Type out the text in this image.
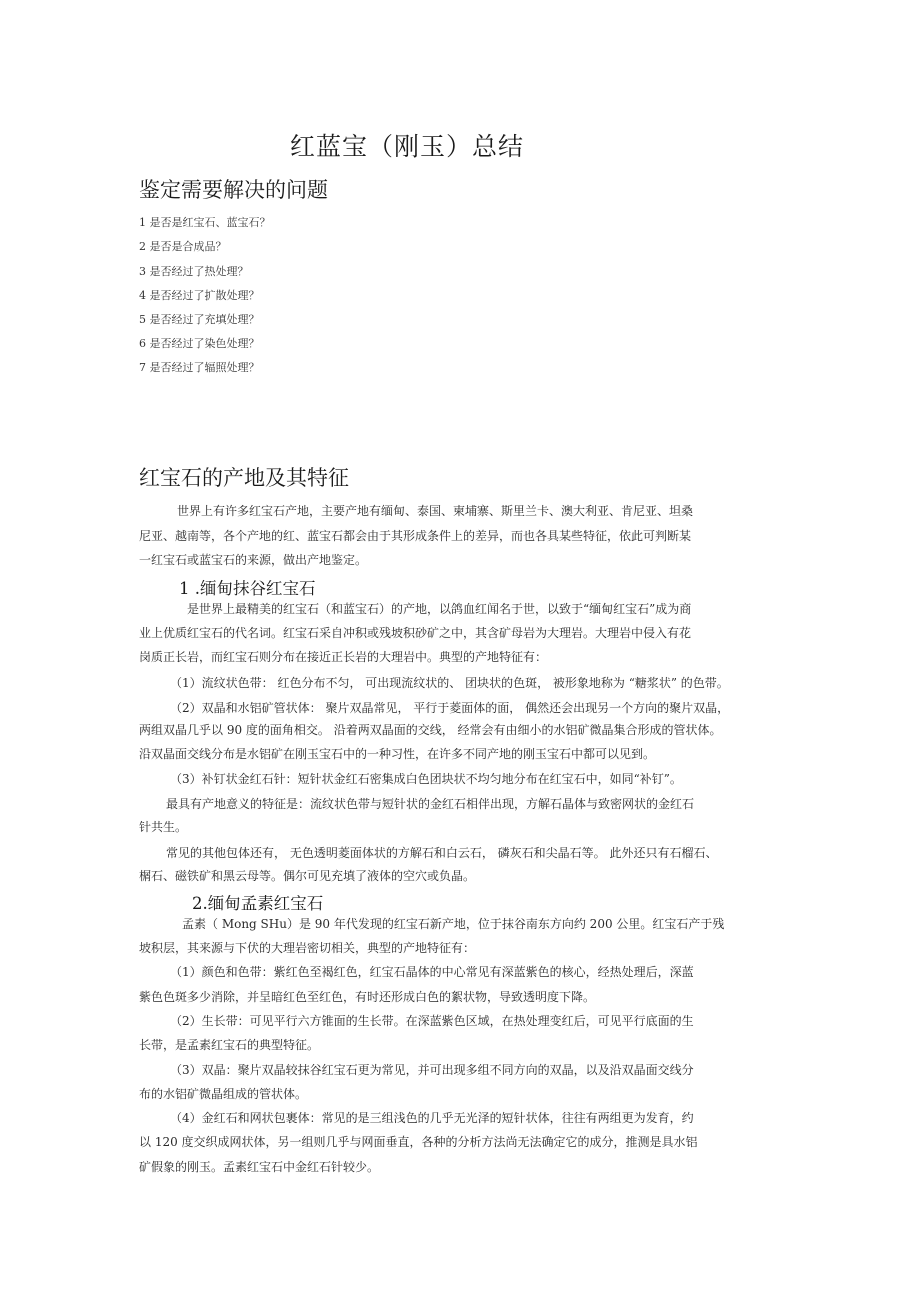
红蓝宝（刚玉）总结
鉴定需要解决的问题
1 是否是红宝石、蓝宝石？
2 是否是合成品？
3 是否经过了热处理？
4 是否经过了扩散处理？
5 是否经过了充填处理？
6 是否经过了染色处理？
7 是否经过了辐照处理？
红宝石的产地及其特征
世界上有许多红宝石产地，主要产地有缅甸、泰国、柬埔寨、斯里兰卡、澳大利亚、肯尼亚、坦桑
尼亚、越南等，各个产地的红、蓝宝石都会由于其形成条件上的差异，而也各具某些特征，依此可判断某
一红宝石或蓝宝石的来源，做出产地鉴定。
1 .缅甸抹谷红宝石
是世界上最精美的红宝石（和蓝宝石）的产地，以鸽血红闻名于世，以致于“缅甸红宝石”成为商
业上优质红宝石的代名词。红宝石采自冲积或残坡积砂矿之中，其含矿母岩为大理岩。大理岩中侵入有花
岗质正长岩，而红宝石则分布在接近正长岩的大理岩中。典型的产地特征有：
（1）流纹状色带： 红色分布不匀， 可出现流纹状的、 团块状的色斑， 被形象地称为 “糖浆状” 的色带。
（2）双晶和水铝矿管状体： 聚片双晶常见， 平行于菱面体的面， 偶然还会出现另一个方向的聚片双晶，
两组双晶几乎以 90 度的面角相交。 沿着两双晶面的交线， 经常会有由细小的水铝矿微晶集合形成的管状体。
沿双晶面交线分布是水铝矿在刚玉宝石中的一种习性，在许多不同产地的刚玉宝石中都可以见到。
（3）补钉状金红石针：短针状金红石密集成白色团块状不均匀地分布在红宝石中，如同“补钉”。
最具有产地意义的特征是：流纹状色带与短针状的金红石相伴出现，方解石晶体与致密网状的金红石
针共生。
常见的其他包体还有， 无色透明菱面体状的方解石和白云石， 磷灰石和尖晶石等。 此外还只有石榴石、
榍石、磁铁矿和黑云母等。偶尔可见充填了液体的空穴或负晶。
2.缅甸孟素红宝石
孟素（ Mong SHu）是 90 年代发现的红宝石新产地，位于抹谷南东方向约 200 公里。红宝石产于残
坡积层，其来源与下伏的大理岩密切相关，典型的产地特征有：
（1）颜色和色带：紫红色至褐红色，红宝石晶体的中心常见有深蓝紫色的核心，经热处理后，深蓝
紫色色斑多少消除，并呈暗红色至红色，有时还形成白色的絮状物，导致透明度下降。
（2）生长带：可见平行六方锥面的生长带。在深蓝紫色区域，在热处理变红后，可见平行底面的生
长带，是孟素红宝石的典型特征。
（3）双晶：聚片双晶较抹谷红宝石更为常见，并可出现多组不同方向的双晶，以及沿双晶面交线分
布的水铝矿微晶组成的管状体。
（4）金红石和网状包裹体：常见的是三组浅色的几乎无光泽的短针状体，往往有两组更为发育，约
以 120 度交织成网状体，另一组则几乎与网面垂直，各种的分析方法尚无法确定它的成分，推测是具水铝
矿假象的刚玉。孟素红宝石中金红石针较少。
